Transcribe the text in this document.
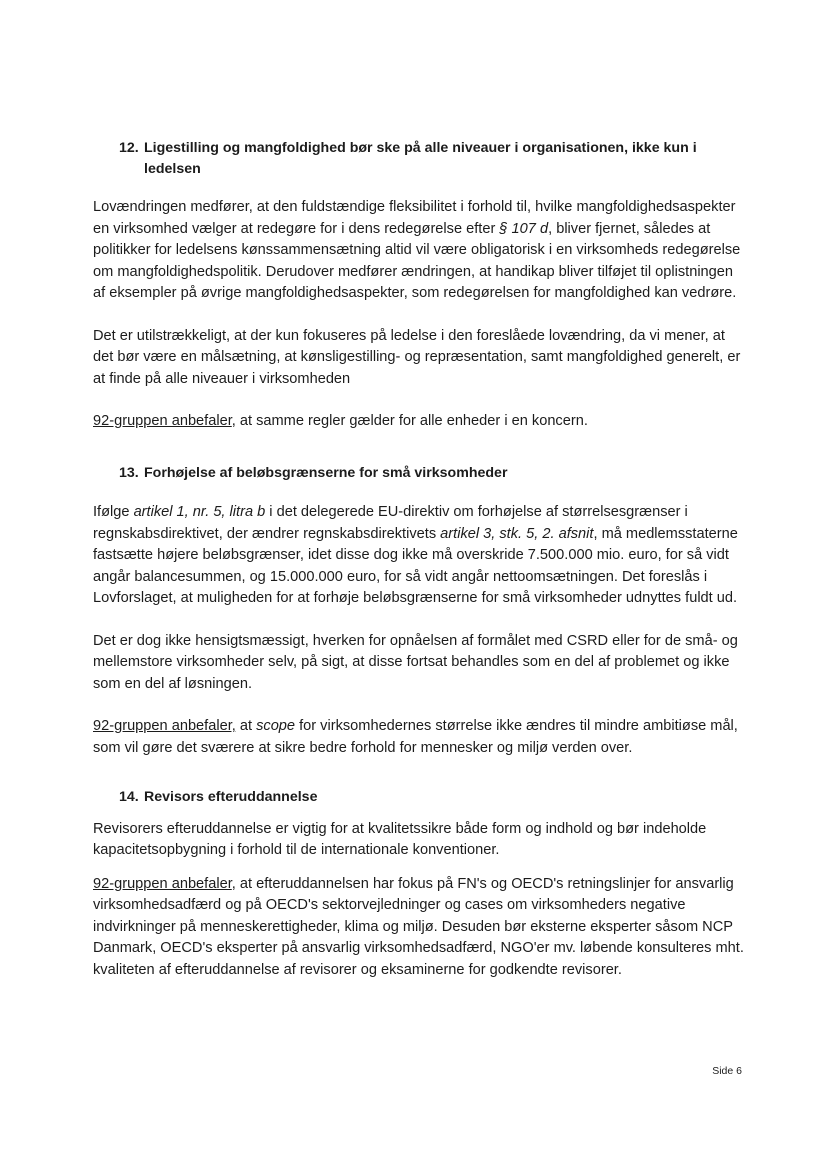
12. Ligestilling og mangfoldighed bør ske på alle niveauer i organisationen, ikke kun i ledelsen

Lovændringen medfører, at den fuldstændige fleksibilitet i forhold til, hvilke mangfoldighedsaspekter en virksomhed vælger at redegøre for i dens redegørelse efter § 107 d, bliver fjernet, således at politikker for ledelsens kønssammensætning altid vil være obligatorisk i en virksomheds redegørelse om mangfoldighedspolitik. Derudover medfører ændringen, at handikap bliver tilføjet til oplistningen af eksempler på øvrige mangfoldighedsaspekter, som redegørelsen for mangfoldighed kan vedrøre.

Det er utilstrækkeligt, at der kun fokuseres på ledelse i den foreslåede lovændring, da vi mener, at det bør være en målsætning, at kønsligestilling- og repræsentation, samt mangfoldighed generelt, er at finde på alle niveauer i virksomheden

92-gruppen anbefaler, at samme regler gælder for alle enheder i en koncern.

13. Forhøjelse af beløbsgrænserne for små virksomheder

Ifølge artikel 1, nr. 5, litra b i det delegerede EU-direktiv om forhøjelse af størrelsesgrænser i regnskabsdirektivet, der ændrer regnskabsdirektivets artikel 3, stk. 5, 2. afsnit, må medlemsstaterne fastsætte højere beløbsgrænser, idet disse dog ikke må overskride 7.500.000 mio. euro, for så vidt angår balancesummen, og 15.000.000 euro, for så vidt angår nettoomsætningen. Det foreslås i Lovforslaget, at muligheden for at forhøje beløbsgrænserne for små virksomheder udnyttes fuldt ud.

Det er dog ikke hensigtsmæssigt, hverken for opnåelsen af formålet med CSRD eller for de små- og mellemstore virksomheder selv, på sigt, at disse fortsat behandles som en del af problemet og ikke som en del af løsningen.

92-gruppen anbefaler, at scope for virksomhedernes størrelse ikke ændres til mindre ambitiøse mål, som vil gøre det sværere at sikre bedre forhold for mennesker og miljø verden over.

14. Revisors efteruddannelse

Revisorers efteruddannelse er vigtig for at kvalitetssikre både form og indhold og bør indeholde kapacitetsopbygning i forhold til de internationale konventioner.

92-gruppen anbefaler, at efteruddannelsen har fokus på FN's og OECD's retningslinjer for ansvarlig virksomhedsadfærd og på OECD's sektorvejledninger og cases om virksomheders negative indvirkninger på menneskerettigheder, klima og miljø. Desuden bør eksterne eksperter såsom NCP Danmark, OECD's eksperter på ansvarlig virksomhedsadfærd, NGO'er mv. løbende konsulteres mht. kvaliteten af efteruddannelse af revisorer og eksaminerne for godkendte revisorer.

Side 6
